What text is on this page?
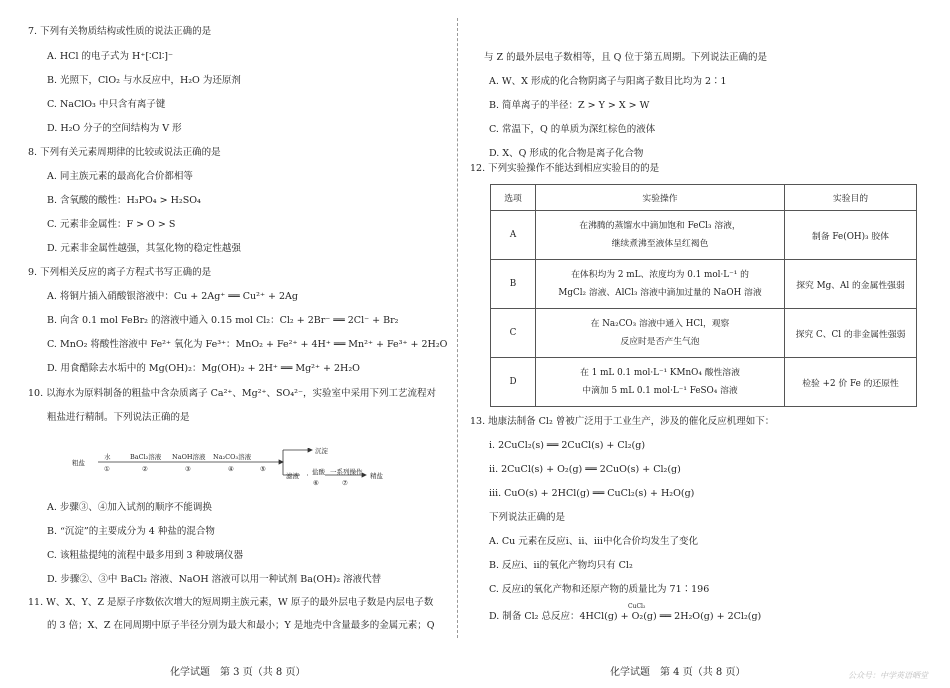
7. 下列有关物质结构或性质的说法正确的是
A. HCl 的电子式为 H⁺[∶Cl∶]⁻
B. 光照下，ClO₂ 与水反应中，H₂O 为还原剂
C. NaClO₃ 中只含有离子键
D. H₂O 分子的空间结构为 V 形
8. 下列有关元素周期律的比较或说法正确的是
A. 同主族元素的最高化合价都相等
B. 含氧酸的酸性：H₃PO₄ > H₂SO₄
C. 元素非金属性：F > O > S
D. 元素非金属性越强，其氢化物的稳定性越强
9. 下列相关反应的离子方程式书写正确的是
A. 将铜片插入硝酸银溶液中：Cu + 2Ag⁺ ══ Cu²⁺ + 2Ag
B. 向含 0.1 mol FeBr₂ 的溶液中通入 0.15 mol Cl₂：Cl₂ + 2Br⁻ ══ 2Cl⁻ + Br₂
C. MnO₂ 将酸性溶液中 Fe²⁺ 氧化为 Fe³⁺：MnO₂ + Fe²⁺ + 4H⁺ ══ Mn²⁺ + Fe³⁺ + 2H₂O
D. 用食醋除去水垢中的 Mg(OH)₂：Mg(OH)₂ + 2H⁺ ══ Mg²⁺ + 2H₂O
10. 以海水为原料制备的粗盐中含杂质离子 Ca²⁺、Mg²⁺、SO₄²⁻，实验室中采用下列工艺流程对
粗盐进行精制。下列说法正确的是
粗盐
水
①
BaCl₂溶液
②
NaOH溶液
③
Na₂CO₃溶液
④	⑤
沉淀
滤液 盐酸
⑥
一系列操作
⑦
精盐
A. 步骤③、④加入试剂的顺序不能调换
B. “沉淀”的主要成分为 4 种盐的混合物
C. 该粗盐提纯的流程中最多用到 3 种玻璃仪器
D. 步骤②、③中 BaCl₂ 溶液、NaOH 溶液可以用一种试剂 Ba(OH)₂ 溶液代替
11. W、X、Y、Z 是原子序数依次增大的短周期主族元素，W 原子的最外层电子数是内层电子数
的 3 倍；X、Z 在同周期中原子半径分别为最大和最小；Y 是地壳中含量最多的金属元素；Q
化学试题　第 3 页（共 8 页）
与 Z 的最外层电子数相等，且 Q 位于第五周期。下列说法正确的是
A. W、X 形成的化合物阴离子与阳离子数目比均为 2∶1
B. 简单离子的半径：Z > Y > X > W
C. 常温下，Q 的单质为深红棕色的液体
D. X、Q 形成的化合物是离子化合物
12. 下列实验操作不能达到相应实验目的的是
选项	实验操作	实验目的
A	在沸腾的蒸馏水中滴加饱和 FeCl₃ 溶液，
继续煮沸至液体呈红褐色	制备 Fe(OH)₃ 胶体
B	在体积均为 2 mL、浓度均为 0.1 mol·L⁻¹ 的
MgCl₂ 溶液、AlCl₃ 溶液中滴加过量的 NaOH 溶液	探究 Mg、Al 的金属性强弱
C	在 Na₂CO₃ 溶液中通入 HCl，观察
反应时是否产生气泡	探究 C、Cl 的非金属性强弱
D	在 1 mL 0.1 mol·L⁻¹ KMnO₄ 酸性溶液
中滴加 5 mL 0.1 mol·L⁻¹ FeSO₄ 溶液	检验 +2 价 Fe 的还原性
13. 地康法制备 Cl₂ 曾被广泛用于工业生产，涉及的催化反应机理如下：
ⅰ. 2CuCl₂(s) ══ 2CuCl(s) + Cl₂(g)
ⅱ. 2CuCl(s) + O₂(g) ══ 2CuO(s) + Cl₂(g)
ⅲ. CuO(s) + 2HCl(g) ══ CuCl₂(s) + H₂O(g)
下列说法正确的是
A. Cu 元素在反应ⅰ、ⅱ、ⅲ中化合价均发生了变化
B. 反应ⅰ、ⅱ的氧化产物均只有 Cl₂
C. 反应ⅰ的氧化产物和还原产物的质量比为 71∶196
CuCl₂
D. 制备 Cl₂ 总反应：4HCl(g) + O₂(g) ══ 2H₂O(g) + 2Cl₂(g)
化学试题　第 4 页（共 8 页）	公众号：中学英语晒堂
